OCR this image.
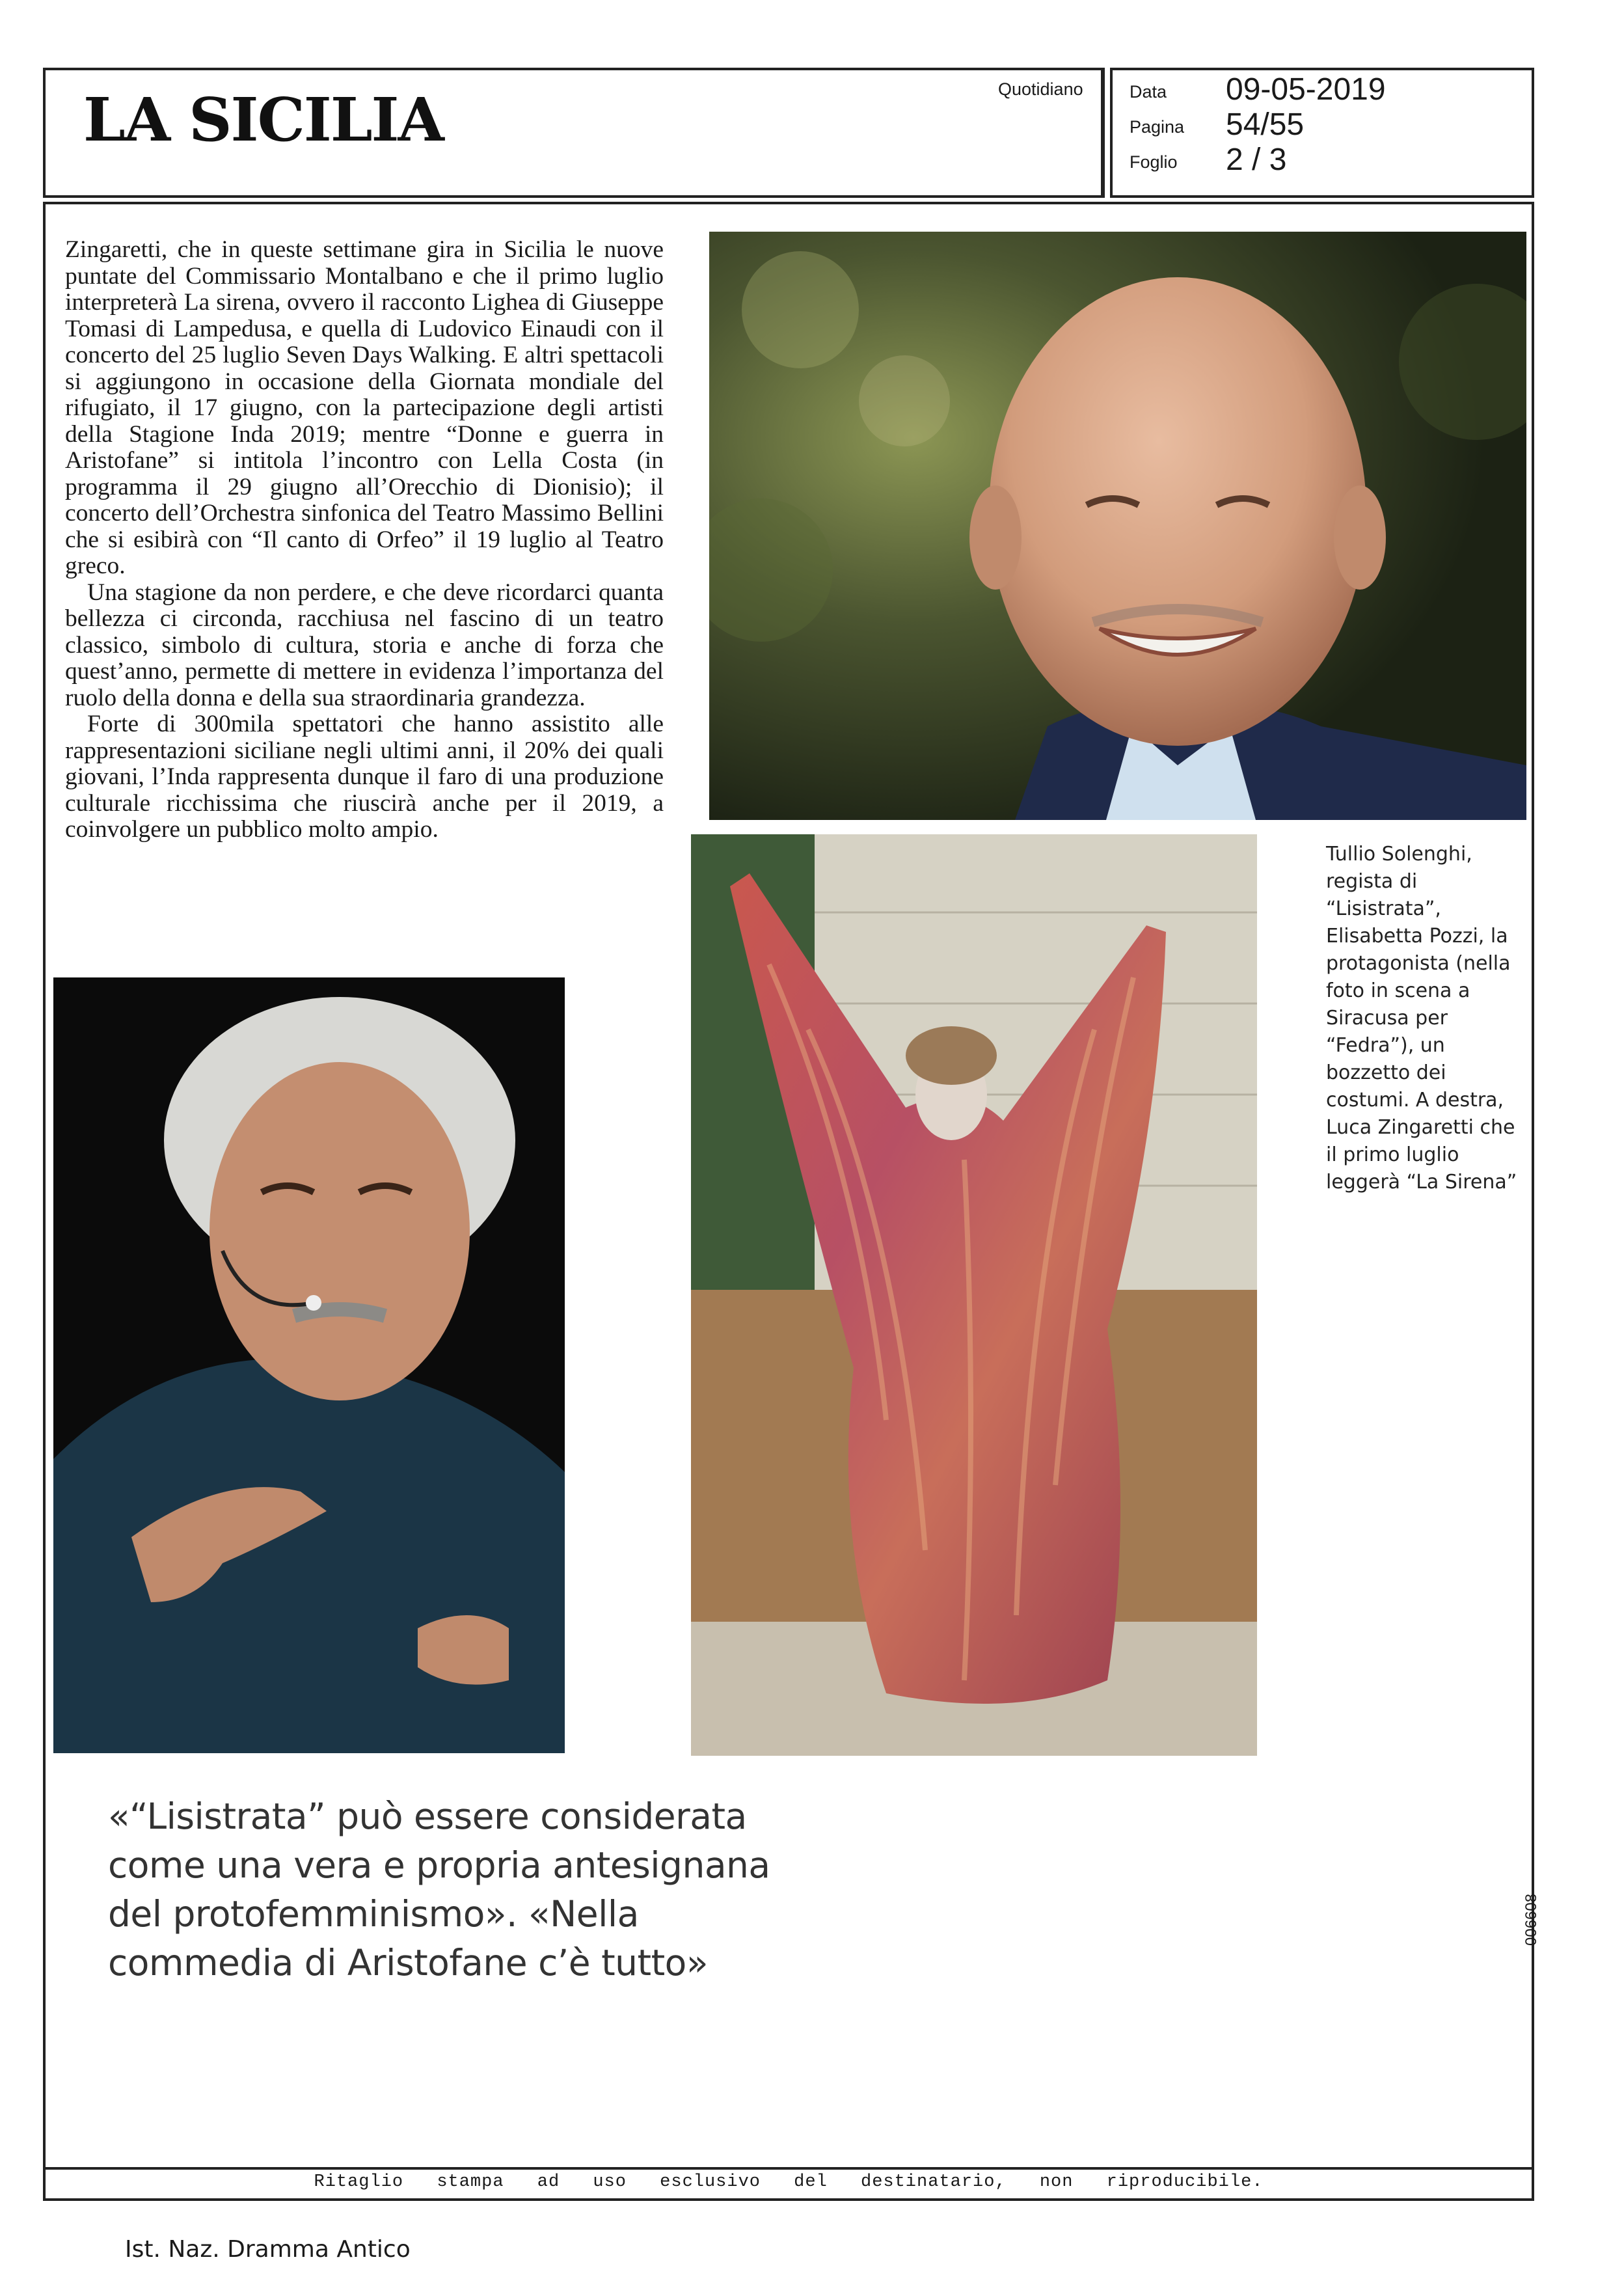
LA SICILIA	Quotidiano	Data 09-05-2019
Pagina 54/55
Foglio 2 / 3

Zingaretti, che in queste settimane gira in Sicilia le nuove puntate del Commissario Montalbano e che il primo luglio interpreterà La sirena, ovvero il racconto Lighea di Giuseppe Tomasi di Lampedusa, e quella di Ludovico Einaudi con il concerto del 25 luglio Seven Days Walking. E altri spettacoli si aggiungono in occasione della Giornata mondiale del rifugiato, il 17 giugno, con la partecipazione degli artisti della Stagione Inda 2019; mentre “Donne e guerra in Aristofane” si intitola l’incontro con Lella Costa (in programma il 29 giugno all’Orecchio di Dionisio); il concerto dell’Orchestra sinfonica del Teatro Massimo Bellini che si esibirà con “Il canto di Orfeo” il 19 luglio al Teatro greco.

Una stagione da non perdere, e che deve ricordarci quanta bellezza ci circonda, racchiusa nel fascino di un teatro classico, simbolo di cultura, storia e anche di forza che quest’anno, permette di mettere in evidenza l’importanza del ruolo della donna e della sua straordinaria grandezza.

Forte di 300mila spettatori che hanno assistito alle rappresentazioni siciliane negli ultimi anni, il 20% dei quali giovani, l’Inda rappresenta dunque il faro di una produzione culturale ricchissima che riuscirà anche per il 2019, a coinvolgere un pubblico molto ampio.

Tullio Solenghi, regista di “Lisistrata”, Elisabetta Pozzi, la protagonista (nella foto in scena a Siracusa per “Fedra”), un bozzetto dei costumi. A destra, Luca Zingaretti che il primo luglio leggerà “La Sirena”
«“Lisistrata” può essere considerata come una vera e propria antesignana del protofemminismo». «Nella commedia di Aristofane c’è tutto»
006608
Ritaglio stampa ad uso esclusivo del destinatario, non riproducibile.
Ist. Naz. Dramma Antico
